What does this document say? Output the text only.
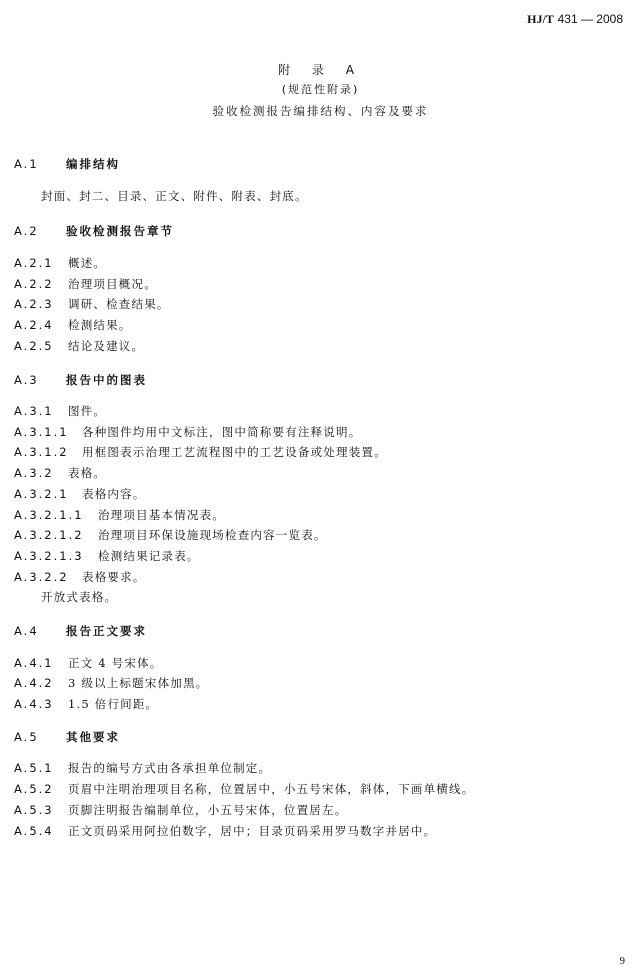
HJ/T 431 — 2008
附 录 A
(规范性附录)
验收检测报告编排结构、内容及要求
A.1 编排结构
封面、封二、目录、正文、附件、附表、封底。
A.2 验收检测报告章节
A.2.1 概述。
A.2.2 治理项目概况。
A.2.3 调研、检查结果。
A.2.4 检测结果。
A.2.5 结论及建议。
A.3 报告中的图表
A.3.1 图件。
A.3.1.1 各种图件均用中文标注，图中简称要有注释说明。
A.3.1.2 用框图表示治理工艺流程图中的工艺设备或处理装置。
A.3.2 表格。
A.3.2.1 表格内容。
A.3.2.1.1 治理项目基本情况表。
A.3.2.1.2 治理项目环保设施现场检查内容一览表。
A.3.2.1.3 检测结果记录表。
A.3.2.2 表格要求。
开放式表格。
A.4 报告正文要求
A.4.1 正文 4 号宋体。
A.4.2 3 级以上标题宋体加黑。
A.4.3 1.5 倍行间距。
A.5 其他要求
A.5.1 报告的编号方式由各承担单位制定。
A.5.2 页眉中注明治理项目名称，位置居中，小五号宋体，斜体，下画单横线。
A.5.3 页脚注明报告编制单位，小五号宋体，位置居左。
A.5.4 正文页码采用阿拉伯数字，居中；目录页码采用罗马数字并居中。
9
